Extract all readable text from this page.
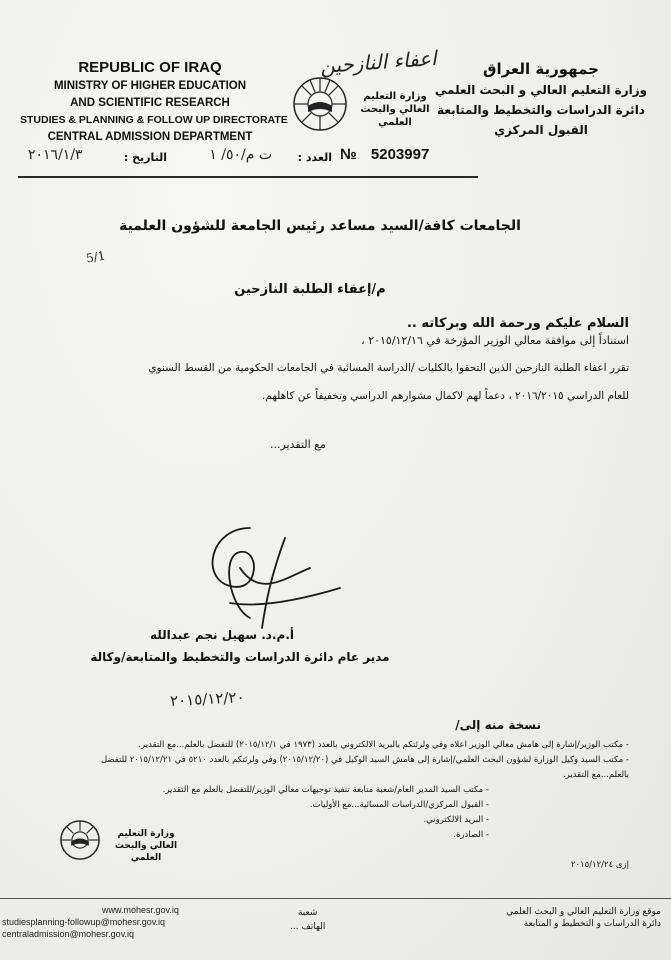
REPUBLIC OF IRAQ
MINISTRY OF HIGHER EDUCATION
AND SCIENTIFIC RESEARCH
STUDIES & PLANNING & FOLLOW UP DIRECTORATE
CENTRAL ADMISSION DEPARTMENT
جمهورية العراق
وزارة التعليم العالي و البحث العلمي
دائرة الدراسات والتخطيط والمتابعة
القبول المركزي
اعفاء النازحين
وزارة التعليم العالي والبحث العلمي
№ 5203997
العدد :
ت م/٥٠/ ١
التاريخ :
٢٠١٦/١/٣
الجامعات كافة/السيد مساعد رئيس الجامعة للشؤون العلمية
5/1
م/إعفاء الطلبة النازحين
السلام عليكم ورحمة الله وبركاته ..
استناداً إلى موافقة معالي الوزير المؤرخة في ٢٠١٥/١٢/١٦ ،
تقرر اعفاء الطلبة النازحين الذين التحقوا بالكليات /الدراسة المسائية في الجامعات الحكومية من القسط السنوي
للعام الدراسي ٢٠١٦/٢٠١٥ ، دعماً لهم لاكمال مشوارهم الدراسي وتخفيفاً عن كاهلهم.
مع التقدير...
أ.م.د. سهيل نجم عبدالله
مدير عام دائرة الدراسات والتخطيط والمتابعة/وكالة
٢٠١٥/١٢/٢٠
نسخة منه إلى/
- مكتب الوزير/إشارة إلى هامش معالي الوزير اعلاه وفي ولرئتكم بالبريد الالكتروني بالعدد (١٩٧٣ في ٢٠١٥/١٢/١) للتفضل بالعلم...مع التقدير.
- مكتب السيد وكيل الوزارة لشؤون البحث العلمي/إشارة إلى هامش السيد الوكيل في (٢٠١٥/١٢/٢٠) وفي ولرئتكم بالعدد ٥٢١٠ في ٢٠١٥/١٢/٢١ للتفضل
بالعلم...مع التقدير.
- مكتب السيد المدير العام/شعبة متابعة تنفيذ توجيهات معالي الوزير/للتفضل بالعلم مع التقدير.
- القبول المركزي/الدراسات المسائية...مع الأوليات.
- البريد الالكتروني.
- الصادرة.
إزى ٢٠١٥/١٢/٢٤
وزارة التعليم العالي والبحث العلمي
www.mohesr.gov.iq
studiesplanning-followup@mohesr.gov.iq
centraladmission@mohesr.gov.iq
شعبة
الهاتف ...
موقع وزارة التعليم العالي و البحث العلمي
دائرة الدراسات و التخطيط و المتابعة
